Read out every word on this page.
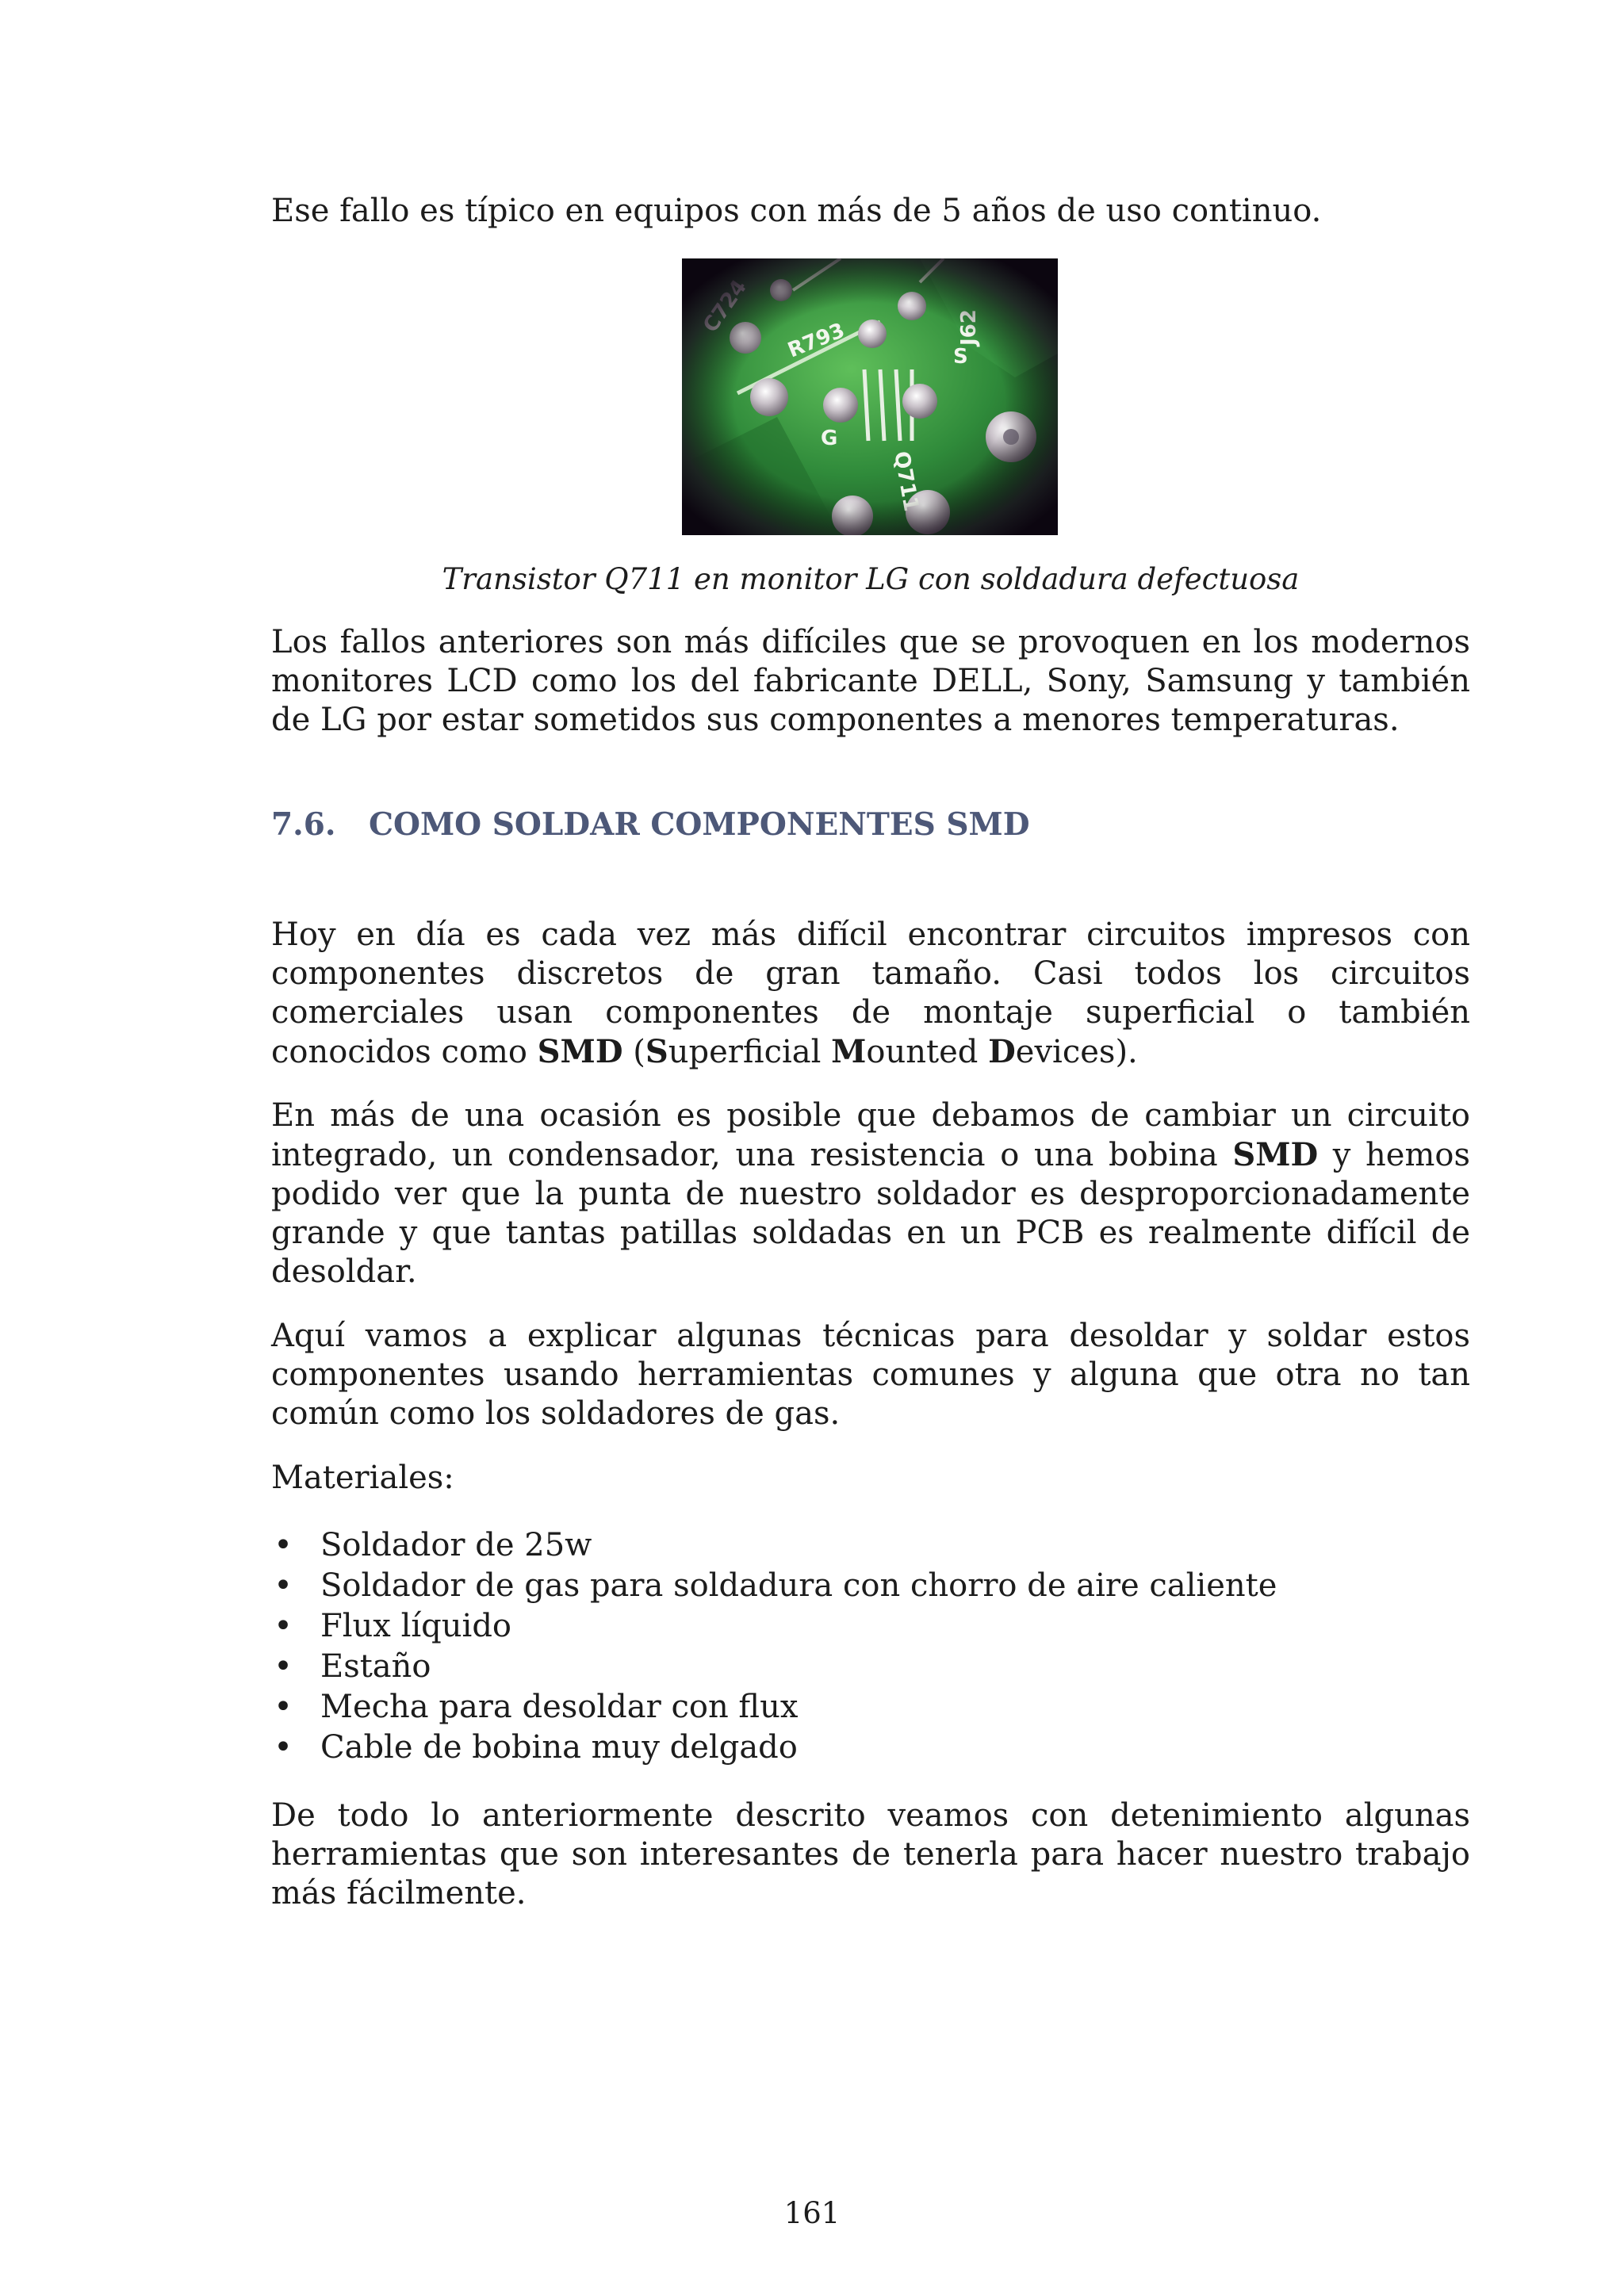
Ese fallo es típico en equipos con más de 5 años de uso continuo.

Transistor Q711 en monitor LG con soldadura defectuosa

Los fallos anteriores son más difíciles que se provoquen en los modernos monitores LCD como los del fabricante DELL, Sony, Samsung y también de LG por estar sometidos sus componentes a menores temperaturas.

7.6. COMO SOLDAR COMPONENTES SMD

Hoy en día es cada vez más difícil encontrar circuitos impresos con componentes discretos de gran tamaño. Casi todos los circuitos comerciales usan componentes de montaje superficial o también conocidos como SMD (Superficial Mounted Devices).

En más de una ocasión es posible que debamos de cambiar un circuito integrado, un condensador, una resistencia o una bobina SMD y hemos podido ver que la punta de nuestro soldador es desproporcionadamente grande y que tantas patillas soldadas en un PCB es realmente difícil de desoldar.

Aquí vamos a explicar algunas técnicas para desoldar y soldar estos componentes usando herramientas comunes y alguna que otra no tan común como los soldadores de gas.

Materiales:

• Soldador de 25w
• Soldador de gas para soldadura con chorro de aire caliente
• Flux líquido
• Estaño
• Mecha para desoldar con flux
• Cable de bobina muy delgado

De todo lo anteriormente descrito veamos con detenimiento algunas herramientas que son interesantes de tenerla para hacer nuestro trabajo más fácilmente.

161
